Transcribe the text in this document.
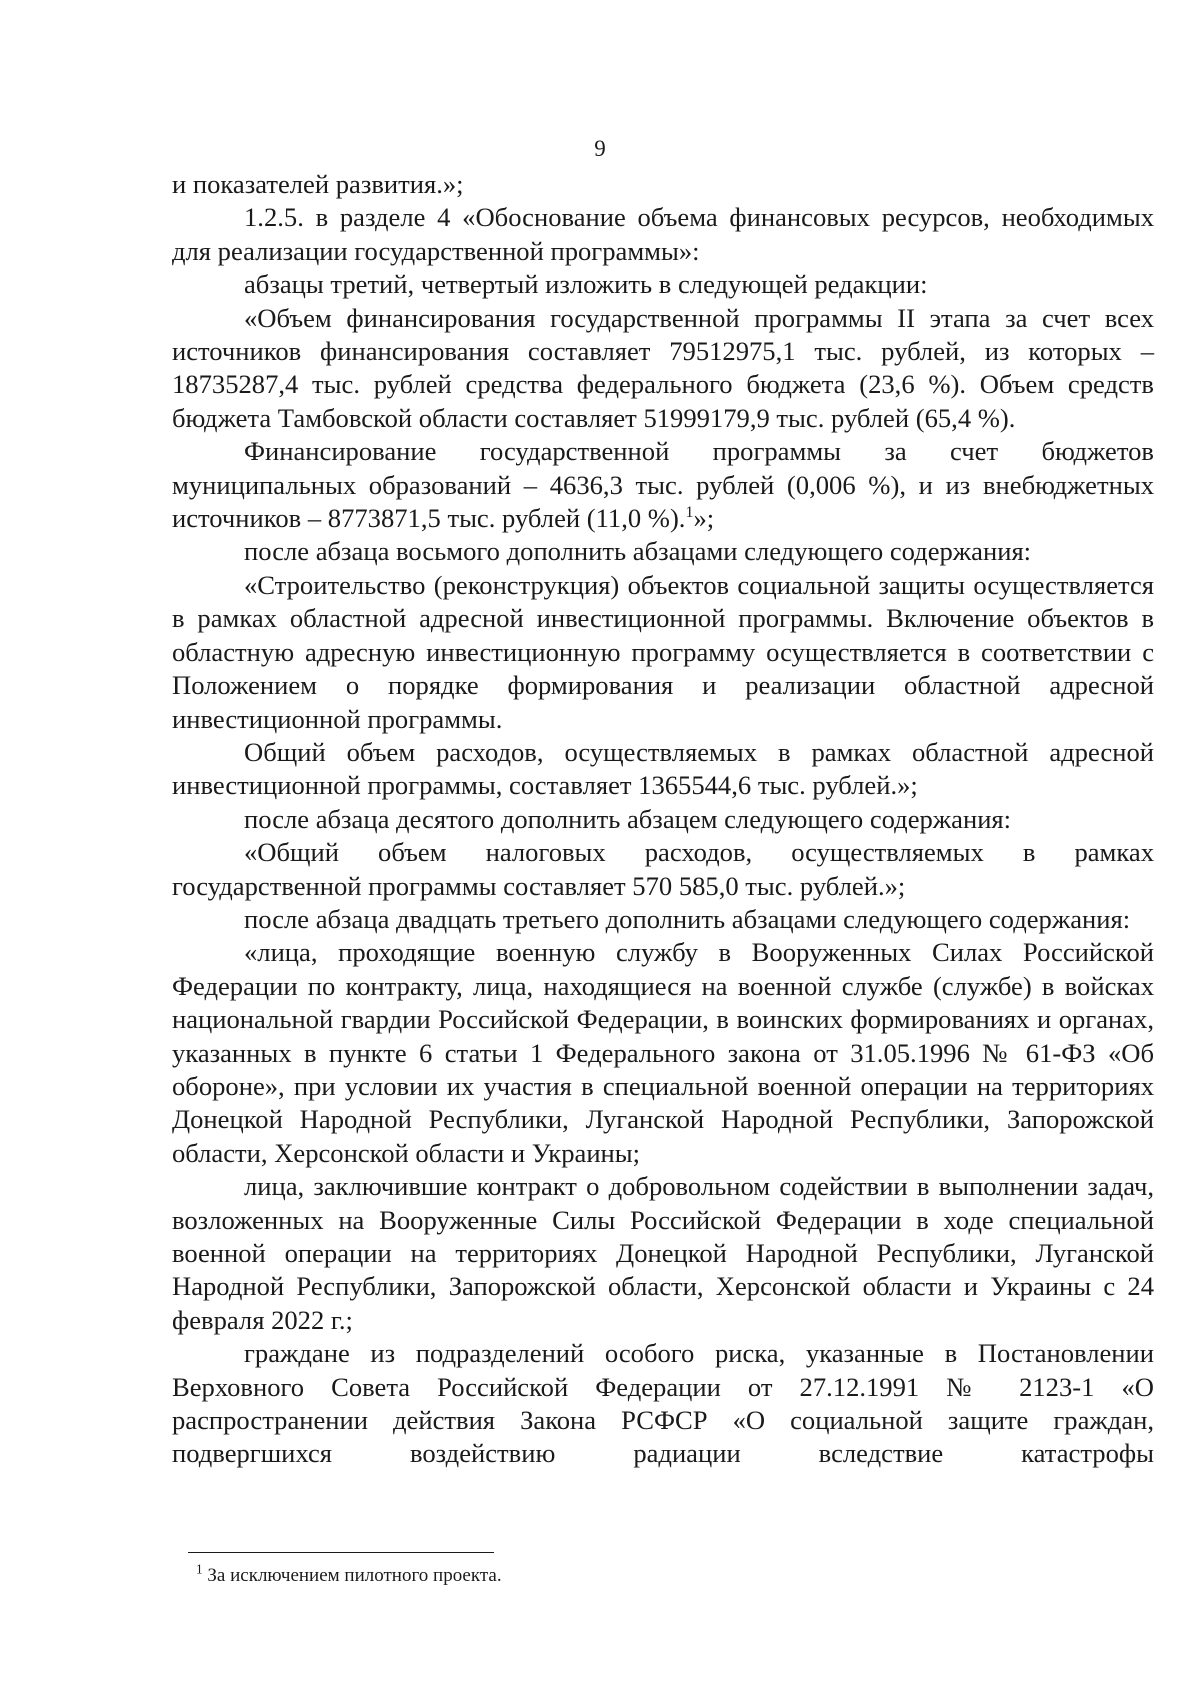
9

и показателей развития.»;

1.2.5. в разделе 4 «Обоснование объема финансовых ресурсов, необходимых для реализации государственной программы»:

абзацы третий, четвертый изложить в следующей редакции:

«Объем финансирования государственной программы II этапа за счет всех источников финансирования составляет 79512975,1 тыс. рублей, из которых – 18735287,4 тыс. рублей средства федерального бюджета (23,6 %). Объем средств бюджета Тамбовской области составляет 51999179,9 тыс. рублей (65,4 %).

Финансирование государственной программы за счет бюджетов муниципальных образований – 4636,3 тыс. рублей (0,006 %), и из внебюджетных источников – 8773871,5 тыс. рублей (11,0 %).$^1$»;

после абзаца восьмого дополнить абзацами следующего содержания:

«Строительство (реконструкция) объектов социальной защиты осуществляется в рамках областной адресной инвестиционной программы. Включение объектов в областную адресную инвестиционную программу осуществляется в соответствии с Положением о порядке формирования и реализации областной адресной инвестиционной программы.

Общий объем расходов, осуществляемых в рамках областной адресной инвестиционной программы, составляет 1365544,6 тыс. рублей.»;

после абзаца десятого дополнить абзацем следующего содержания:

«Общий объем налоговых расходов, осуществляемых в рамках государственной программы составляет 570 585,0 тыс. рублей.»;

после абзаца двадцать третьего дополнить абзацами следующего содержания:

«лица, проходящие военную службу в Вооруженных Силах Российской Федерации по контракту, лица, находящиеся на военной службе (службе) в войсках национальной гвардии Российской Федерации, в воинских формированиях и органах, указанных в пункте 6 статьи 1 Федерального закона от 31.05.1996 № 61-ФЗ «Об обороне», при условии их участия в специальной военной операции на территориях Донецкой Народной Республики, Луганской Народной Республики, Запорожской области, Херсонской области и Украины;

лица, заключившие контракт о добровольном содействии в выполнении задач, возложенных на Вооруженные Силы Российской Федерации в ходе специальной военной операции на территориях Донецкой Народной Республики, Луганской Народной Республики, Запорожской области, Херсонской области и Украины с 24 февраля 2022 г.;

граждане из подразделений особого риска, указанные в Постановлении Верховного Совета Российской Федерации от 27.12.1991 № 2123-1 «О распространении действия Закона РСФСР «О социальной защите граждан, подвергшихся воздействию радиации вследствие катастрофы

$^1$ За исключением пилотного проекта.
